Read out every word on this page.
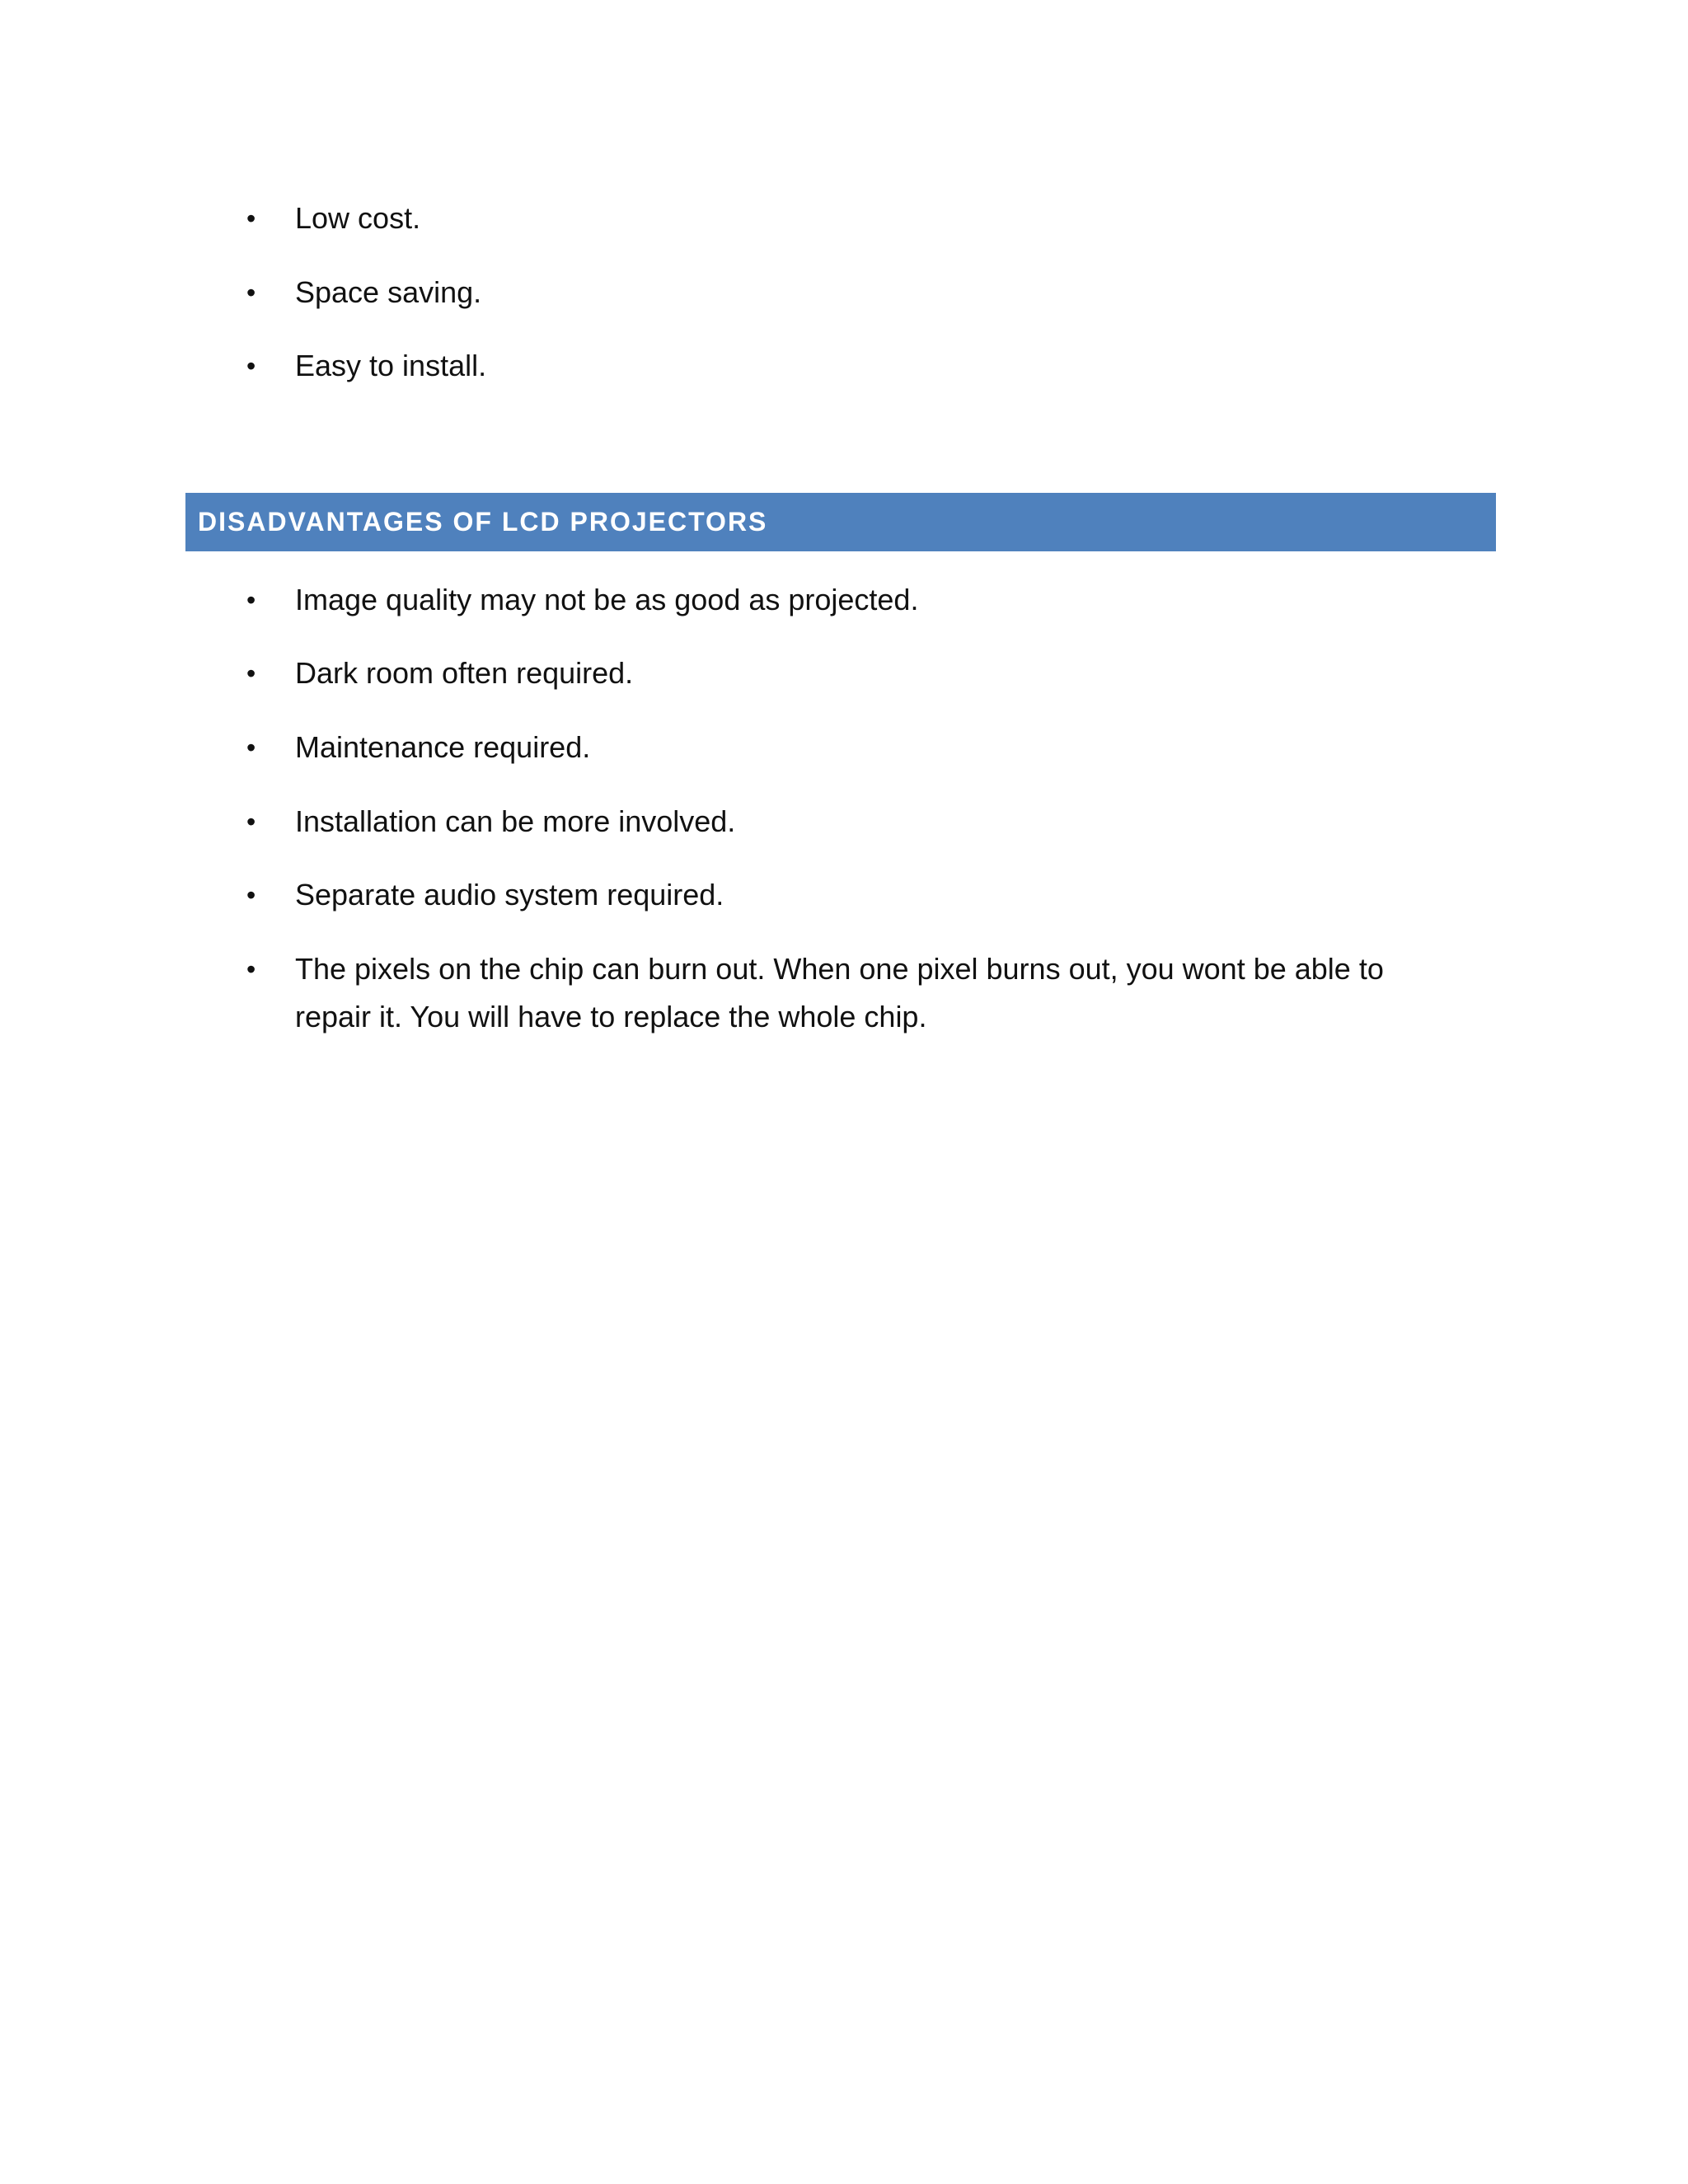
• Low cost.
• Space saving.
• Easy to install.
DISADVANTAGES OF LCD PROJECTORS
• Image quality may not be as good as projected.
• Dark room often required.
• Maintenance required.
• Installation can be more involved.
• Separate audio system required.
• The pixels on the chip can burn out. When one pixel burns out, you wont be able to repair it. You will have to replace the whole chip.
